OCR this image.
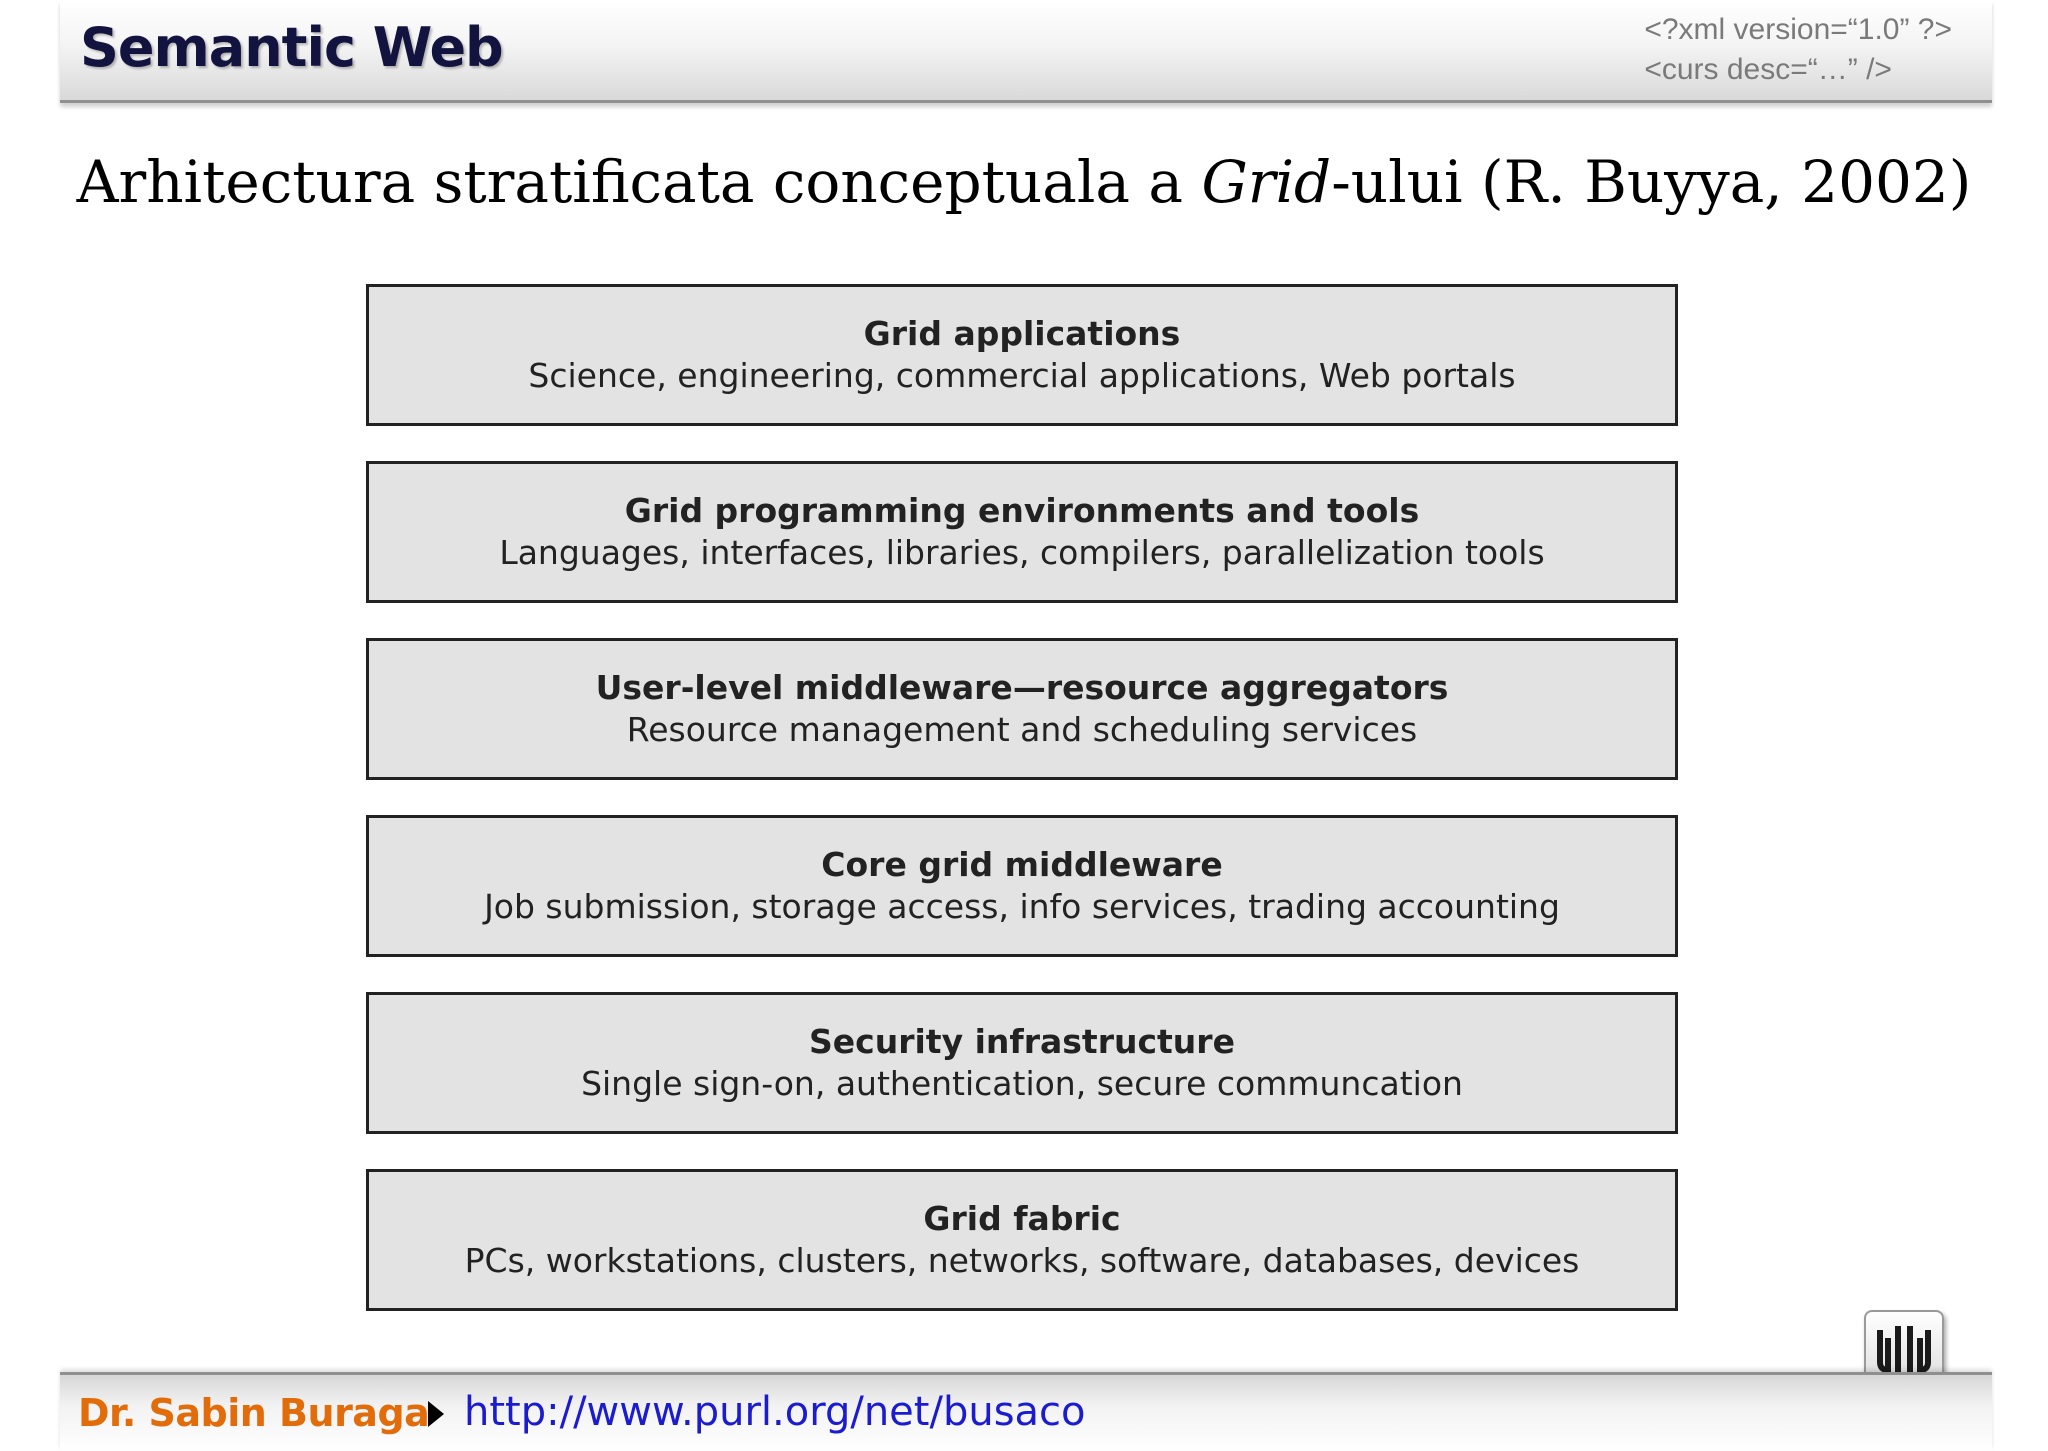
Semantic Web	<?xml version=“1.0” ?>
<curs desc=“…” />
Arhitectura stratificata conceptuala a Grid-ului (R. Buyya, 2002)
Grid applications
Science, engineering, commercial applications, Web portals
Grid programming environments and tools
Languages, interfaces, libraries, compilers, parallelization tools
User-level middleware—resource aggregators
Resource management and scheduling services
Core grid middleware
Job submission, storage access, info services, trading accounting
Security infrastructure
Single sign-on, authentication, secure communcation
Grid fabric
PCs, workstations, clusters, networks, software, databases, devices
Dr. Sabin Buraga http://www.purl.org/net/busaco
